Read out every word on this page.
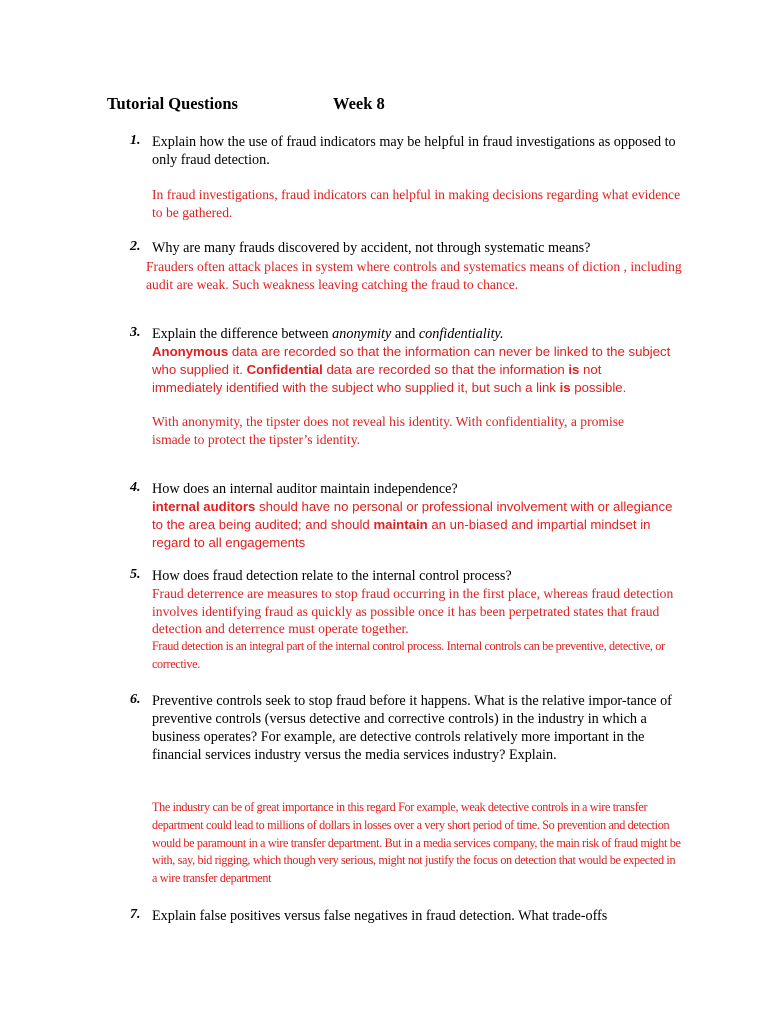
Tutorial Questions	Week 8
1. Explain how the use of fraud indicators may be helpful in fraud investigations as opposed to only fraud detection.
In fraud investigations, fraud indicators can helpful in making decisions regarding what evidence to be gathered.
2. Why are many frauds discovered by accident, not through systematic means?
Frauders often attack places in system where controls and systematics means of diction , including audit are weak. Such weakness leaving catching the fraud to chance.
3. Explain the difference between anonymity and confidentiality.
Anonymous data are recorded so that the information can never be linked to the subject who supplied it. Confidential data are recorded so that the information is not immediately identified with the subject who supplied it, but such a link is possible.
With anonymity, the tipster does not reveal his identity. With confidentiality, a promise ismade to protect the tipster’s identity.
4. How does an internal auditor maintain independence?
internal auditors should have no personal or professional involvement with or allegiance to the area being audited; and should maintain an un-biased and impartial mindset in regard to all engagements
5. How does fraud detection relate to the internal control process?
Fraud deterrence are measures to stop fraud occurring in the first place, whereas fraud detection involves identifying fraud as quickly as possible once it has been perpetrated states that fraud detection and deterrence must operate together.
Fraud detection is an integral part of the internal control process. Internal controls can be preventive, detective, or corrective.
6. Preventive controls seek to stop fraud before it happens. What is the relative impor-tance of preventive controls (versus detective and corrective controls) in the industry in which a business operates? For example, are detective controls relatively more important in the financial services industry versus the media services industry? Explain.
The industry can be of great importance in this regard For example, weak detective controls in a wire transfer department could lead to millions of dollars in losses over a very short period of time. So prevention and detection would be paramount in a wire transfer department. But in a media services company, the main risk of fraud might be with, say, bid rigging, which though very serious, might not justify the focus on detection that would be expected in a wire transfer department
7. Explain false positives versus false negatives in fraud detection. What trade-offs
